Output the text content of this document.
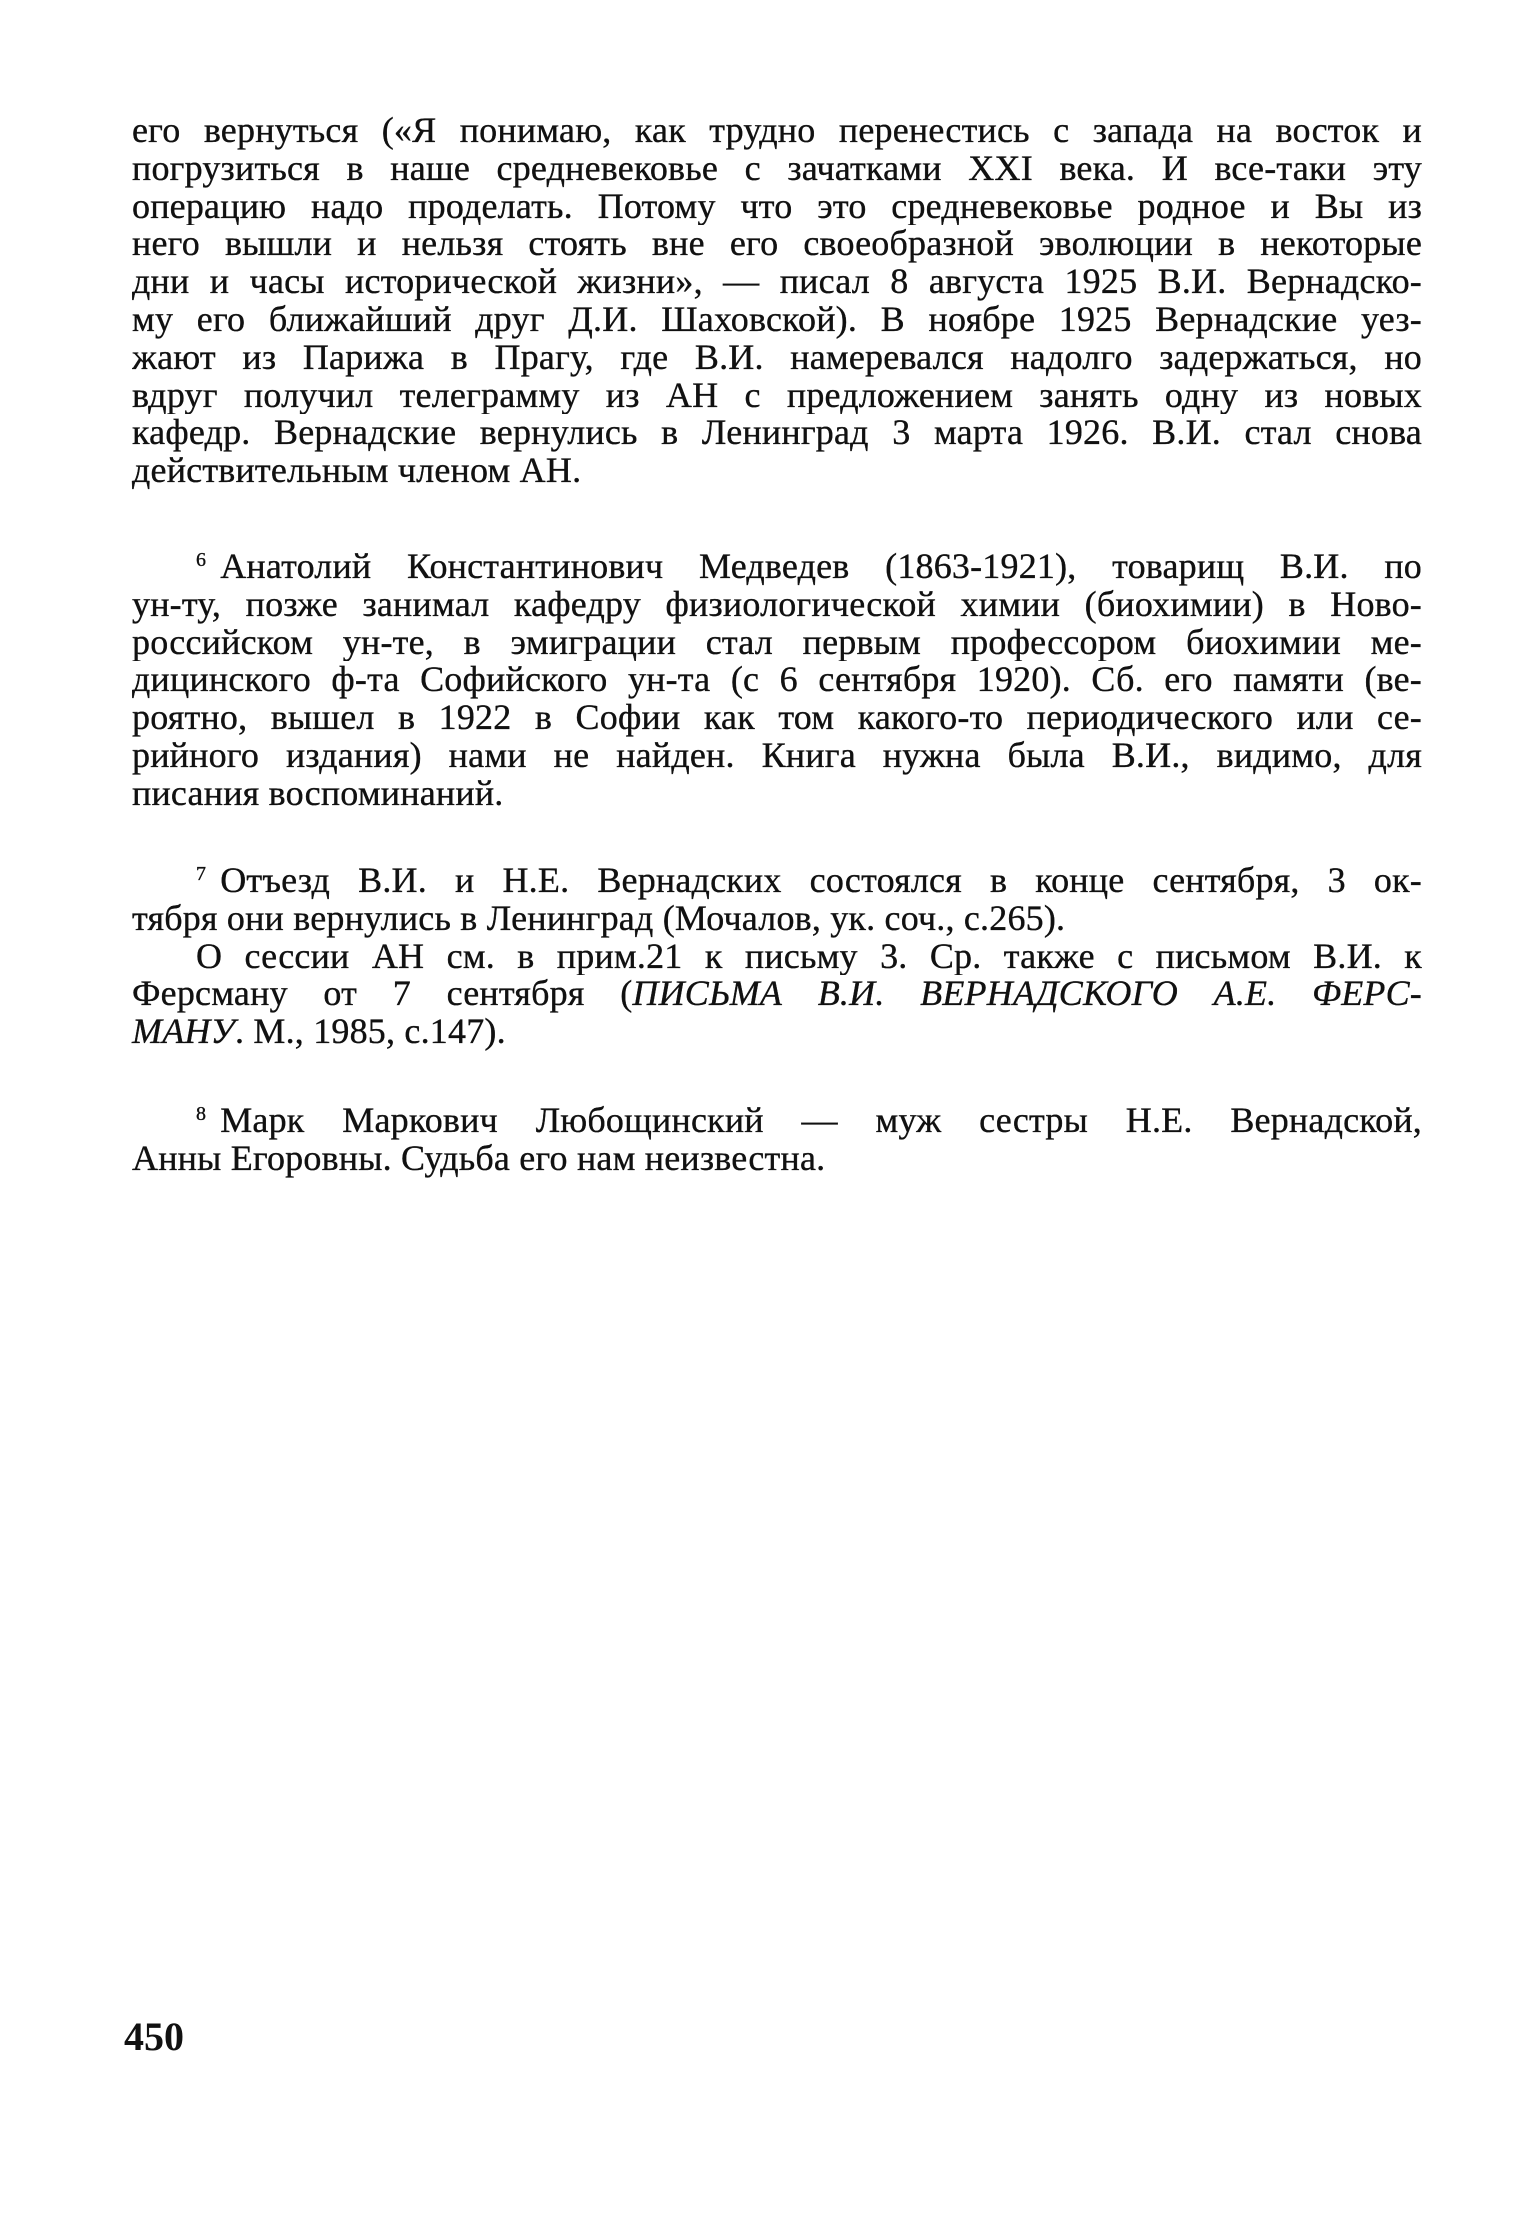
его вернуться («Я понимаю, как трудно перенестись с запада на восток и
погрузиться в наше средневековье с зачатками XXI века. И все-таки эту
операцию надо проделать. Потому что это средневековье родное и Вы из
него вышли и нельзя стоять вне его своеобразной эволюции в некоторые
дни и часы исторической жизни», — писал 8 августа 1925 В.И. Вернадско-
му его ближайший друг Д.И. Шаховской). В ноябре 1925 Вернадские уез-
жают из Парижа в Прагу, где В.И. намеревался надолго задержаться, но
вдруг получил телеграмму из АН с предложением занять одну из новых
кафедр. Вернадские вернулись в Ленинград 3 марта 1926. В.И. стал снова
действительным членом АН.
$^6$ Анатолий Константинович Медведев (1863-1921), товарищ В.И. по
ун-ту, позже занимал кафедру физиологической химии (биохимии) в Ново-
российском ун-те, в эмиграции стал первым профессором биохимии ме-
дицинского ф-та Софийского ун-та (с 6 сентября 1920). Сб. его памяти (ве-
роятно, вышел в 1922 в Софии как том какого-то периодического или се-
рийного издания) нами не найден. Книга нужна была В.И., видимо, для
писания воспоминаний.
$^7$ Отъезд В.И. и Н.Е. Вернадских состоялся в конце сентября, 3 ок-
тября они вернулись в Ленинград (Мочалов, ук. соч., с.265).
О сессии АН см. в прим.21 к письму 3. Ср. также с письмом В.И. к
Ферсману от 7 сентября (ПИСЬМА В.И. ВЕРНАДСКОГО А.Е. ФЕРС-
МАНУ. М., 1985, с.147).
$^8$ Марк Маркович Любощинский — муж сестры Н.Е. Вернадской,
Анны Егоровны. Судьба его нам неизвестна.
450
